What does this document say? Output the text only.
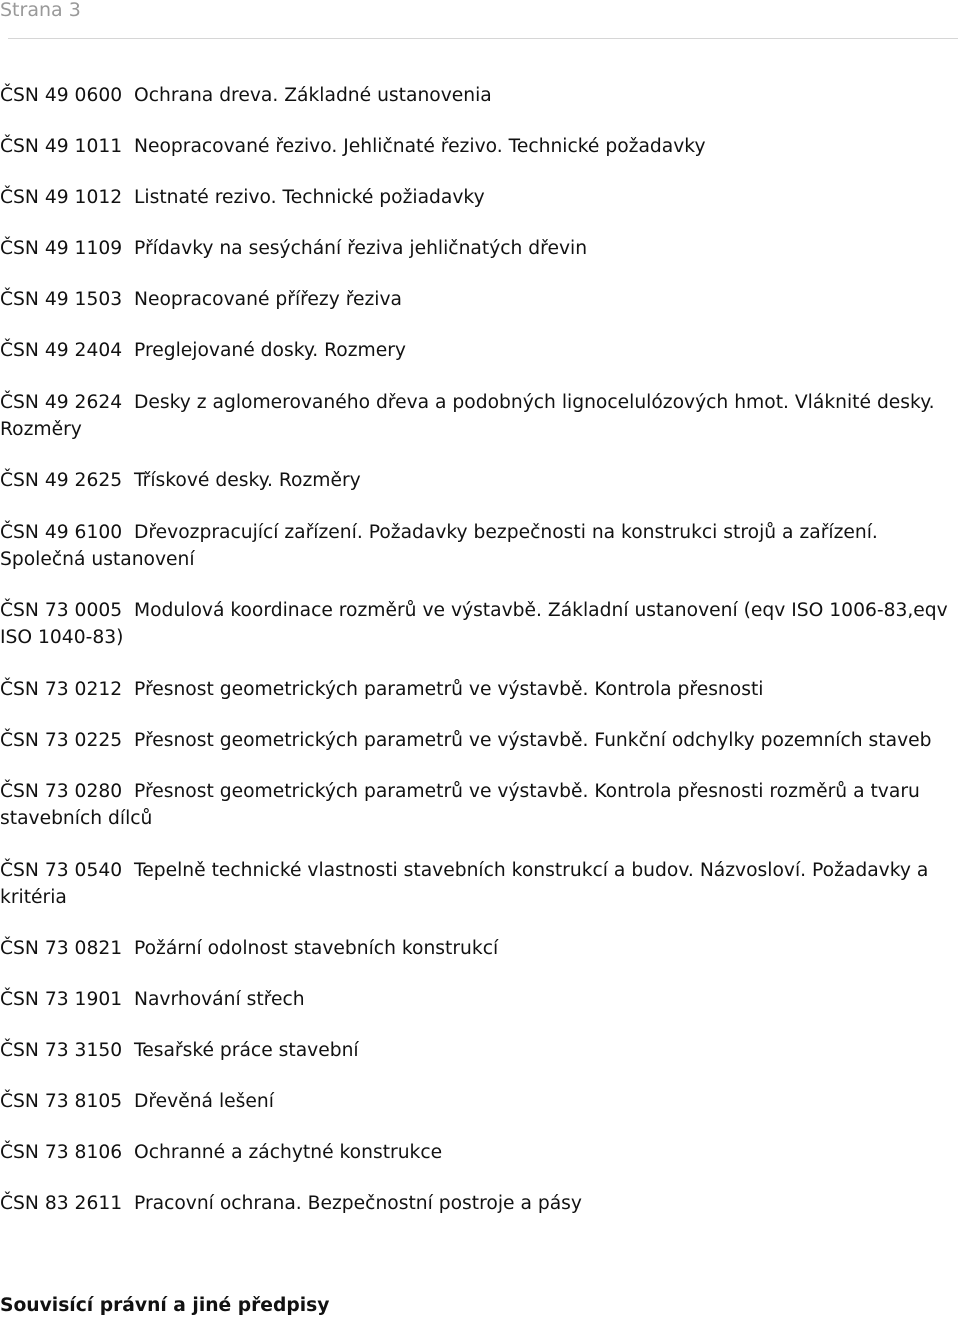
Strana 3
ČSN 49 0600 Ochrana dreva. Základné ustanovenia
ČSN 49 1011 Neopracované řezivo. Jehličnaté řezivo. Technické požadavky
ČSN 49 1012 Listnaté rezivo. Technické požiadavky
ČSN 49 1109 Přídavky na sesýchání řeziva jehličnatých dřevin
ČSN 49 1503 Neopracované přířezy řeziva
ČSN 49 2404 Preglejované dosky. Rozmery
ČSN 49 2624 Desky z aglomerovaného dřeva a podobných lignocelulózových hmot. Vláknité desky. Rozměry
ČSN 49 2625 Třískové desky. Rozměry
ČSN 49 6100 Dřevozpracující zařízení. Požadavky bezpečnosti na konstrukci strojů a zařízení. Společná ustanovení
ČSN 73 0005 Modulová koordinace rozměrů ve výstavbě. Základní ustanovení (eqv ISO 1006-83,eqv ISO 1040-83)
ČSN 73 0212 Přesnost geometrických parametrů ve výstavbě. Kontrola přesnosti
ČSN 73 0225 Přesnost geometrických parametrů ve výstavbě. Funkční odchylky pozemních staveb
ČSN 73 0280 Přesnost geometrických parametrů ve výstavbě. Kontrola přesnosti rozměrů a tvaru stavebních dílců
ČSN 73 0540 Tepelně technické vlastnosti stavebních konstrukcí a budov. Názvosloví. Požadavky a kritéria
ČSN 73 0821 Požární odolnost stavebních konstrukcí
ČSN 73 1901 Navrhování střech
ČSN 73 3150 Tesařské práce stavební
ČSN 73 8105 Dřevěná lešení
ČSN 73 8106 Ochranné a záchytné konstrukce
ČSN 83 2611 Pracovní ochrana. Bezpečnostní postroje a pásy
Souvisící právní a jiné předpisy
